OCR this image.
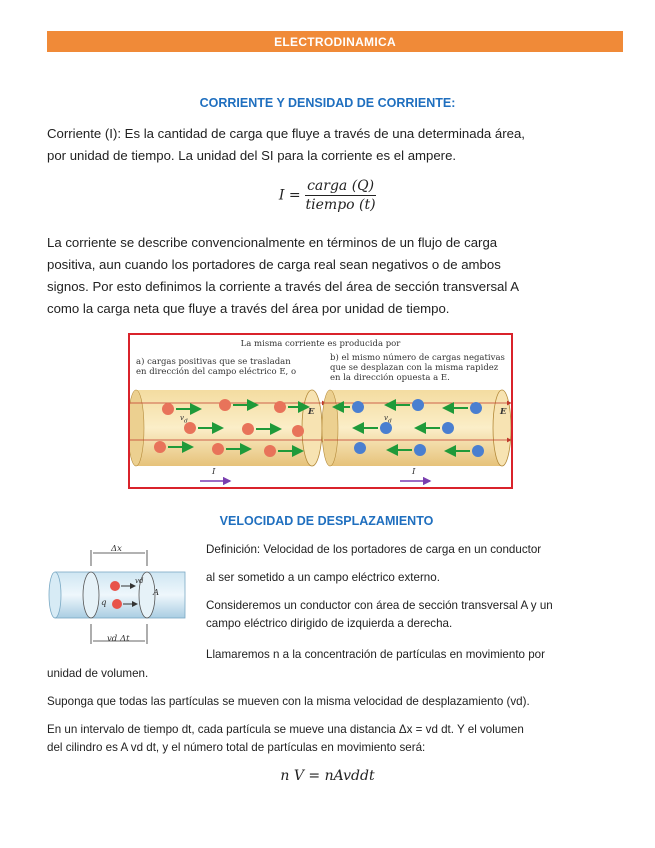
ELECTRODINAMICA
CORRIENTE Y DENSIDAD DE CORRIENTE:
Corriente (I): Es la cantidad de carga que fluye a través de una determinada área,
por unidad de tiempo. La unidad del SI para la corriente es el ampere.
$I = \frac{\text{carga (Q)}}{\text{tiempo (t)}}$
La corriente se describe convencionalmente en términos de un flujo de carga
positiva, aun cuando los portadores de carga real sean negativos o de ambos
signos. Por esto definimos la corriente a través del área de sección transversal A
como la carga neta que fluye a través del área por unidad de tiempo.
La misma corriente es producida por
a) cargas positivas que se trasladan
en dirección del campo eléctrico E, o
b) el mismo número de cargas negativas
que se desplazan con la misma rapidez
en la dirección opuesta a E.
E	E
I	I
$v_d$	$v_d$
VELOCIDAD DE DESPLAZAMIENTO
Δx
vd Δt
A
q
vd
Definición: Velocidad de los portadores de carga en un conductor
al ser sometido a un campo eléctrico externo.
Consideremos un conductor con área de sección transversal A y un
campo eléctrico dirigido de izquierda a derecha.
Llamaremos n a la concentración de partículas en movimiento por
unidad de volumen.
Suponga que todas las partículas se mueven con la misma velocidad de desplazamiento (vd).
En un intervalo de tiempo dt, cada partícula se mueve una distancia Δx = vd dt. Y el volumen
del cilindro es A vd dt, y el número total de partículas en movimiento será:
n V = nAvddt
